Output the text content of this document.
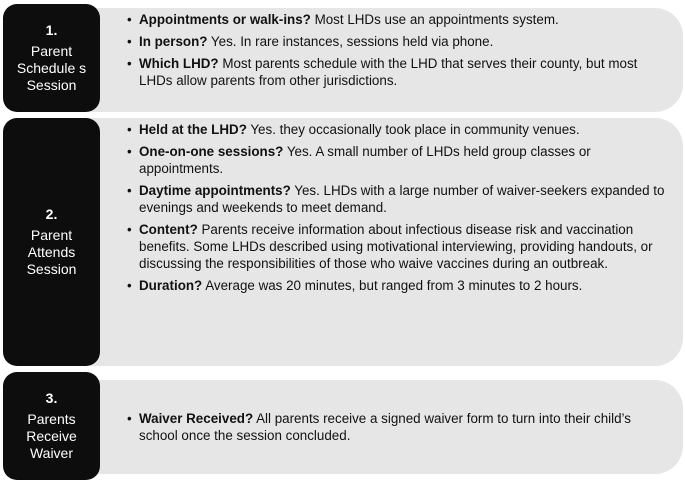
1.
Parent Schedule s Session
• Appointments or walk-ins? Most LHDs use an appointments system.
• In person? Yes. In rare instances, sessions held via phone.
• Which LHD? Most parents schedule with the LHD that serves their county, but most LHDs allow parents from other jurisdictions.
2.
Parent Attends Session
• Held at the LHD? Yes. they occasionally took place in community venues.
• One-on-one sessions? Yes. A small number of LHDs held group classes or appointments.
• Daytime appointments? Yes. LHDs with a large number of waiver-seekers expanded to evenings and weekends to meet demand.
• Content? Parents receive information about infectious disease risk and vaccination benefits. Some LHDs described using motivational interviewing, providing handouts, or discussing the responsibilities of those who waive vaccines during an outbreak.
• Duration? Average was 20 minutes, but ranged from 3 minutes to 2 hours.
3.
Parents Receive Waiver
• Waiver Received? All parents receive a signed waiver form to turn into their child’s school once the session concluded.
